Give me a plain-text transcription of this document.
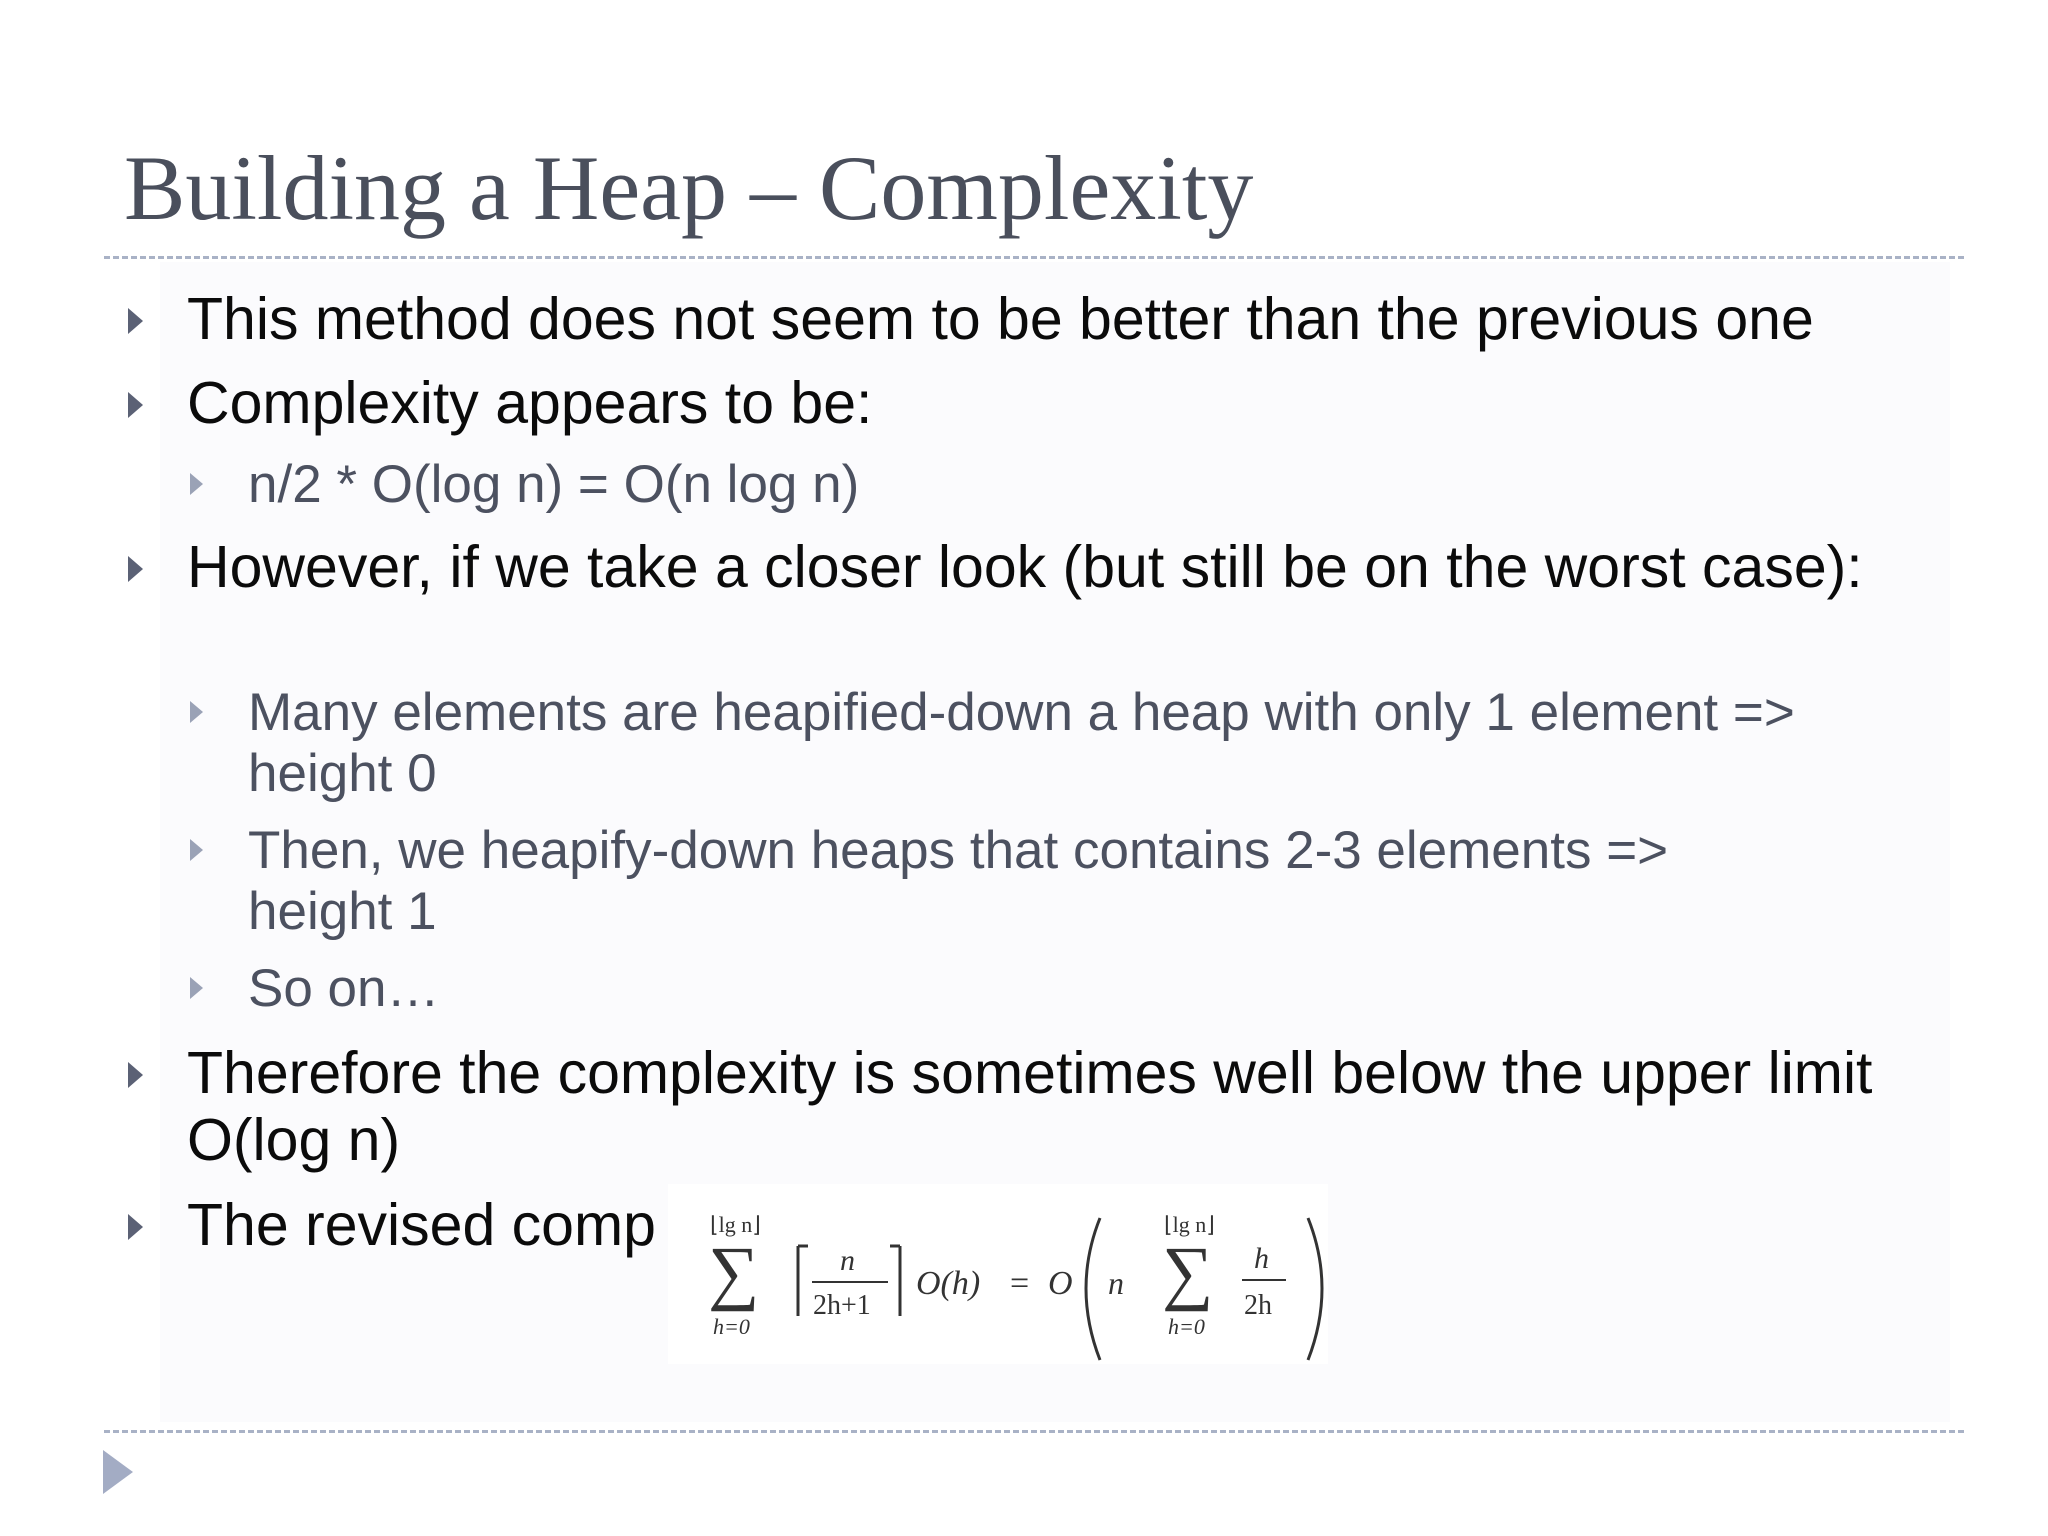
Building a Heap – Complexity
This method does not seem to be better than the previous one
Complexity appears to be:
n/2 * O(log n) = O(n log n)
However, if we take a closer look (but still be on the worst case):
Many elements are heapified-down a heap with only 1 element => height 0
Then, we heapify-down heaps that contains 2-3 elements => height 1
So on…
Therefore the complexity is sometimes well below the upper limit O(log n)
The revised comp	⌊lg n⌋
∑
h=0
n
2h+1
O(h) = O n
⌊lg n⌋
∑
h=0
h
2h
